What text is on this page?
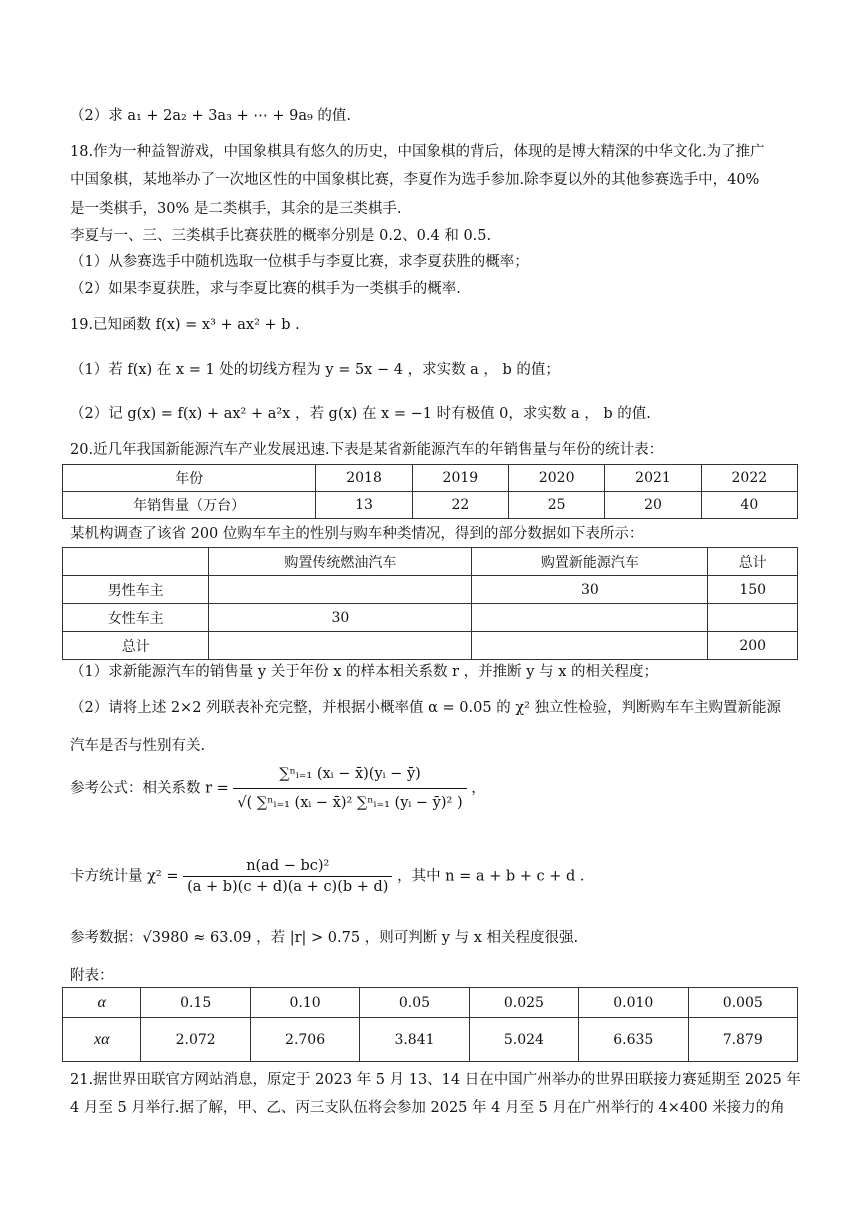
（2）求 a₁ + 2a₂ + 3a₃ + ⋯ + 9a₉ 的值.
18.作为一种益智游戏，中国象棋具有悠久的历史，中国象棋的背后，体现的是博大精深的中华文化.为了推广
中国象棋，某地举办了一次地区性的中国象棋比赛，李夏作为选手参加.除李夏以外的其他参赛选手中，40%
是一类棋手，30% 是二类棋手，其余的是三类棋手.
李夏与一、三、三类棋手比赛获胜的概率分别是 0.2、0.4 和 0.5.
（1）从参赛选手中随机选取一位棋手与李夏比赛，求李夏获胜的概率；
（2）如果李夏获胜，求与李夏比赛的棋手为一类棋手的概率.
19.已知函数 f(x) = x³ + ax² + b .
（1）若 f(x) 在 x = 1 处的切线方程为 y = 5x − 4 ，求实数 a ， b 的值；
（2）记 g(x) = f(x) + ax² + a²x ，若 g(x) 在 x = −1 时有极值 0，求实数 a ， b 的值.
20.近几年我国新能源汽车产业发展迅速.下表是某省新能源汽车的年销售量与年份的统计表：
年份	2018	2019	2020	2021	2022
年销售量（万台）	13	22	25	20	40
某机构调查了该省 200 位购车车主的性别与购车种类情况，得到的部分数据如下表所示：
	购置传统燃油汽车	购置新能源汽车	总计
男性车主		30	150
女性车主	30		
总计			200
（1）求新能源汽车的销售量 y 关于年份 x 的样本相关系数 r ，并推断 y 与 x 的相关程度；
（2）请将上述 2×2 列联表补充完整，并根据小概率值 α = 0.05 的 χ² 独立性检验，判断购车车主购置新能源
汽车是否与性别有关.
参考公式：相关系数 $r = \frac{\text{∑ⁿᵢ₌₁ (xᵢ − x̄)(yᵢ − ȳ)}}{\text{√( ∑ⁿᵢ₌₁ (xᵢ − x̄)² ∑ⁿᵢ₌₁ (yᵢ − ȳ)² )}}$ ，
卡方统计量 $\chi^2 = \frac{\text{n(ad − bc)²}}{(a + b)(c + d)(a + c)(b + d)}$ ，其中 n = a + b + c + d .
参考数据：√3980 ≈ 63.09 ，若 |r| > 0.75 ，则可判断 y 与 x 相关程度很强.
附表：
α	0.15	0.10	0.05	0.025	0.010	0.005
xα	2.072	2.706	3.841	5.024	6.635	7.879
21.据世界田联官方网站消息，原定于 2023 年 5 月 13、14 日在中国广州举办的世界田联接力赛延期至 2025 年
4 月至 5 月举行.据了解，甲、乙、丙三支队伍将会参加 2025 年 4 月至 5 月在广州举行的 4×400 米接力的角
